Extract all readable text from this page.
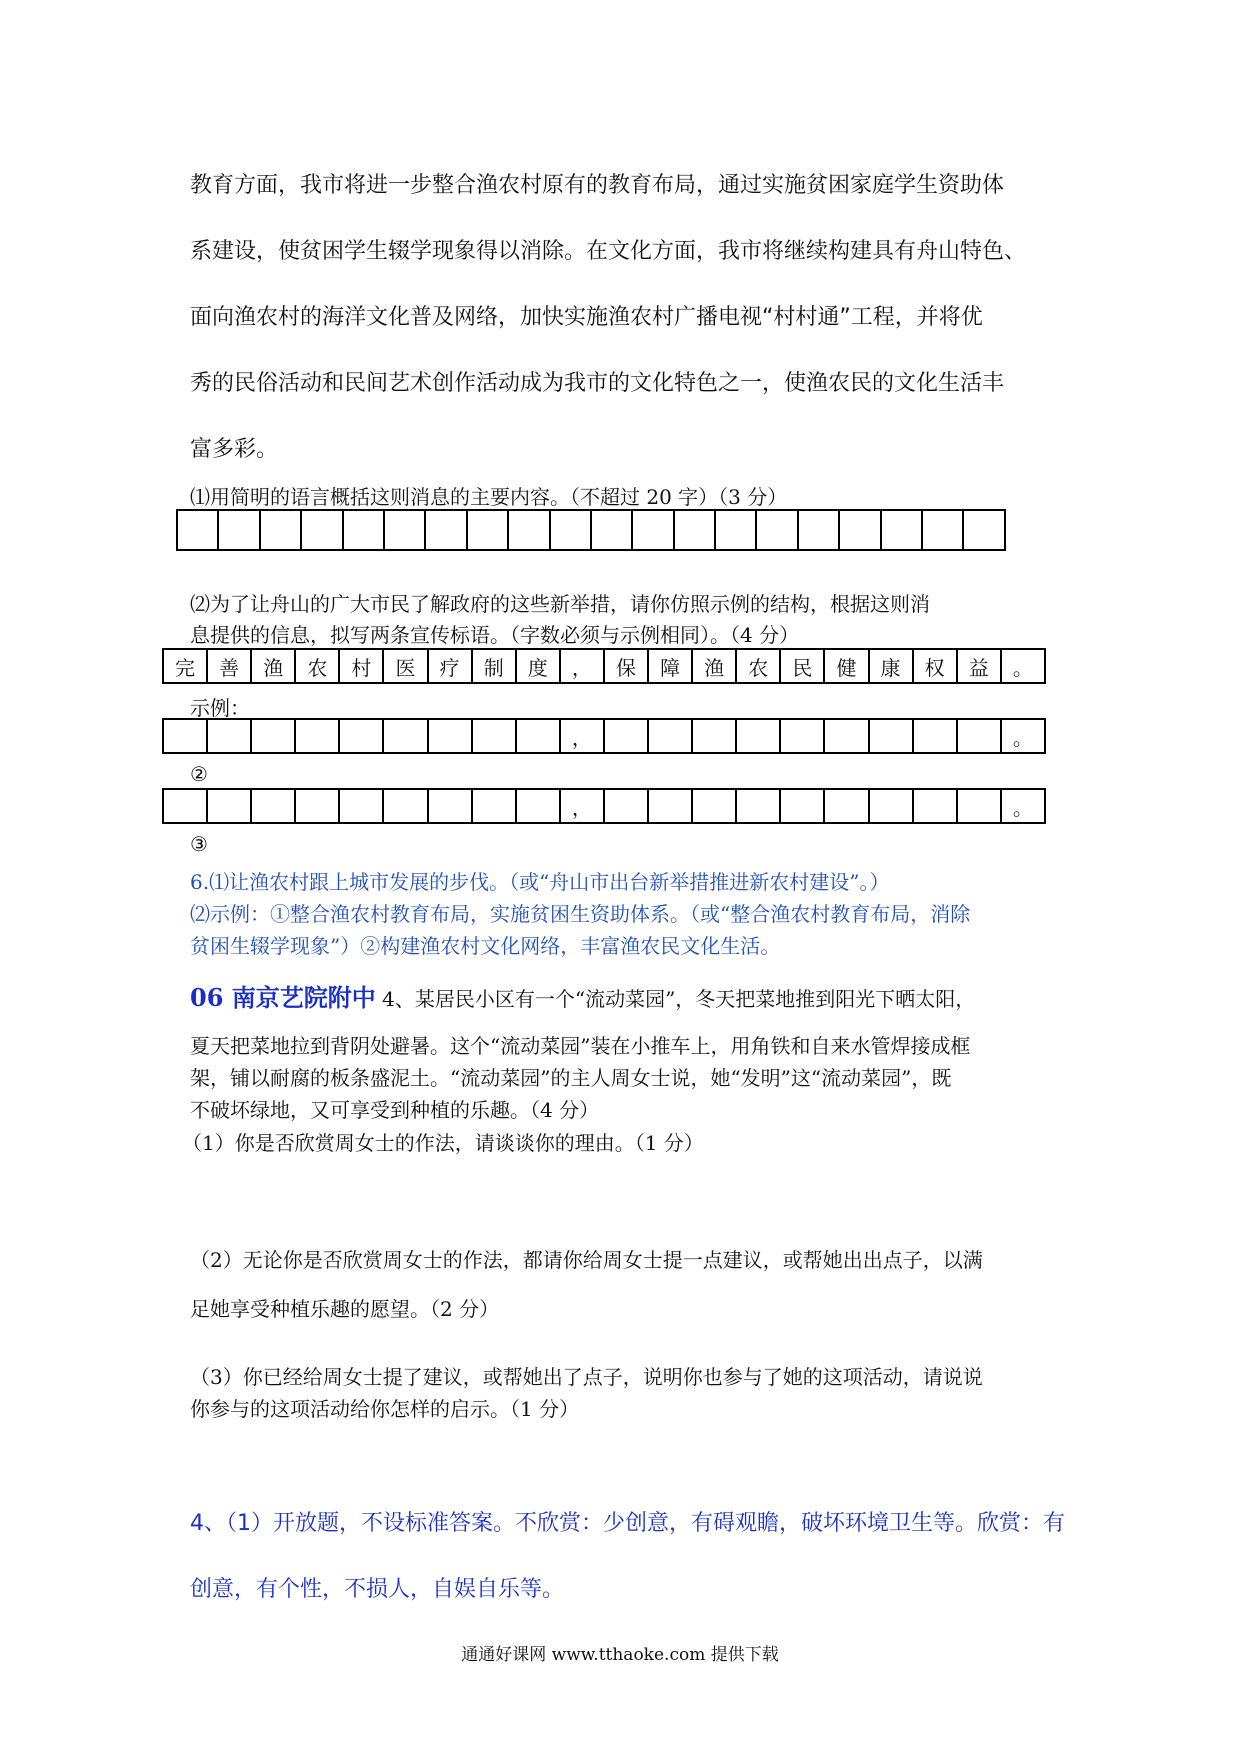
教育方面，我市将进一步整合渔农村原有的教育布局，通过实施贫困家庭学生资助体
系建设，使贫困学生辍学现象得以消除。在文化方面，我市将继续构建具有舟山特色、
面向渔农村的海洋文化普及网络，加快实施渔农村广播电视“村村通”工程，并将优
秀的民俗活动和民间艺术创作活动成为我市的文化特色之一，使渔农民的文化生活丰
富多彩。
⑴用简明的语言概括这则消息的主要内容。（不超过 20 字）（3 分）

⑵为了让舟山的广大市民了解政府的这些新举措，请你仿照示例的结构，根据这则消
息提供的信息，拟写两条宣传标语。（字数必须与示例相同）。（4 分）
完	善	渔	农	村	医	疗	制	度	，	保	障	渔	农	民	健	康	权	益	。
示例：
									，										。
②
									，										。
③
6.⑴让渔农村跟上城市发展的步伐。（或“舟山市出台新举措推进新农村建设”。）
⑵示例：①整合渔农村教育布局，实施贫困生资助体系。（或“整合渔农村教育布局，消除
贫困生辍学现象”）②构建渔农村文化网络，丰富渔农民文化生活。
06 南京艺院附中 4、某居民小区有一个“流动菜园”，冬天把菜地推到阳光下晒太阳，
夏天把菜地拉到背阴处避暑。这个“流动菜园”装在小推车上，用角铁和自来水管焊接成框
架，铺以耐腐的板条盛泥土。“流动菜园”的主人周女士说，她“发明”这“流动菜园”，既
不破坏绿地，又可享受到种植的乐趣。（4 分）
（1）你是否欣赏周女士的作法，请谈谈你的理由。（1 分）
（2）无论你是否欣赏周女士的作法，都请你给周女士提一点建议，或帮她出出点子，以满
足她享受种植乐趣的愿望。（2 分）
（3）你已经给周女士提了建议，或帮她出了点子，说明你也参与了她的这项活动，请说说
你参与的这项活动给你怎样的启示。（1 分）
4、（1）开放题，不设标准答案。不欣赏：少创意，有碍观瞻，破坏环境卫生等。欣赏：有
创意，有个性，不损人，自娱自乐等。
通通好课网 www.tthaoke.com 提供下载
